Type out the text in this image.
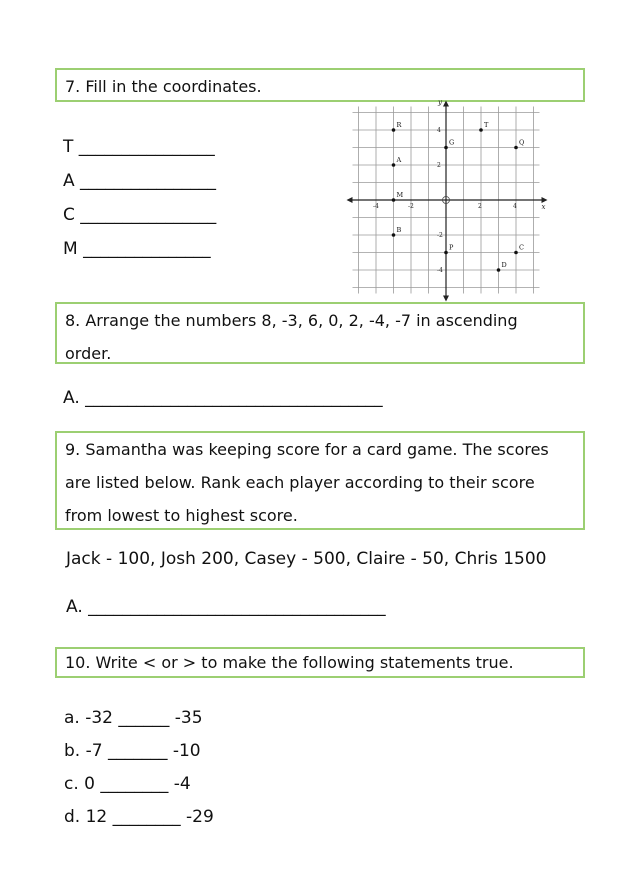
7. Fill in the coordinates.
T ________________
A ________________
C ________________
M _______________
y
x
-4	-2	2	4
4
2
-2
-4
R	T
G	Q
A
M
B
P	C
D
8. Arrange the numbers 8, -3, 6, 0, 2, -4, -7 in ascending
order.
A. ___________________________________
9. Samantha was keeping score for a card game. The scores
are listed below. Rank each player according to their score
from lowest to highest score.
Jack - 100, Josh 200, Casey - 500, Claire - 50, Chris 1500
A. ___________________________________
10. Write < or > to make the following statements true.
a. -32 ______ -35
b. -7 _______ -10
c. 0 ________ -4
d. 12 ________ -29
